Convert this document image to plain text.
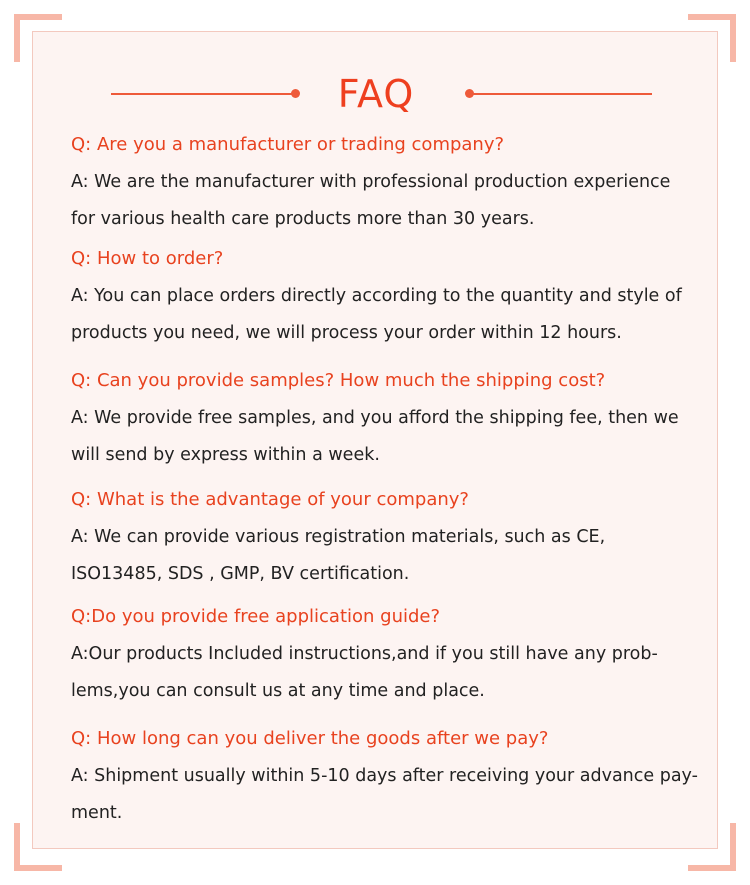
FAQ

Q: Are you a manufacturer or trading company?

A: We are the manufacturer with professional production experience
for various health care products more than 30 years.

Q: How to order?

A: You can place orders directly according to the quantity and style of
products you need, we will process your order within 12 hours.

Q: Can you provide samples? How much the shipping cost?

A: We provide free samples, and you afford the shipping fee, then we
will send by express within a week.

Q: What is the advantage of your company?

A: We can provide various registration materials, such as CE,
ISO13485, SDS , GMP, BV certification.

Q:Do you provide free application guide?

A:Our products Included instructions,and if you still have any prob-
lems,you can consult us at any time and place.

Q: How long can you deliver the goods after we pay?

A: Shipment usually within 5-10 days after receiving your advance pay-
ment.
